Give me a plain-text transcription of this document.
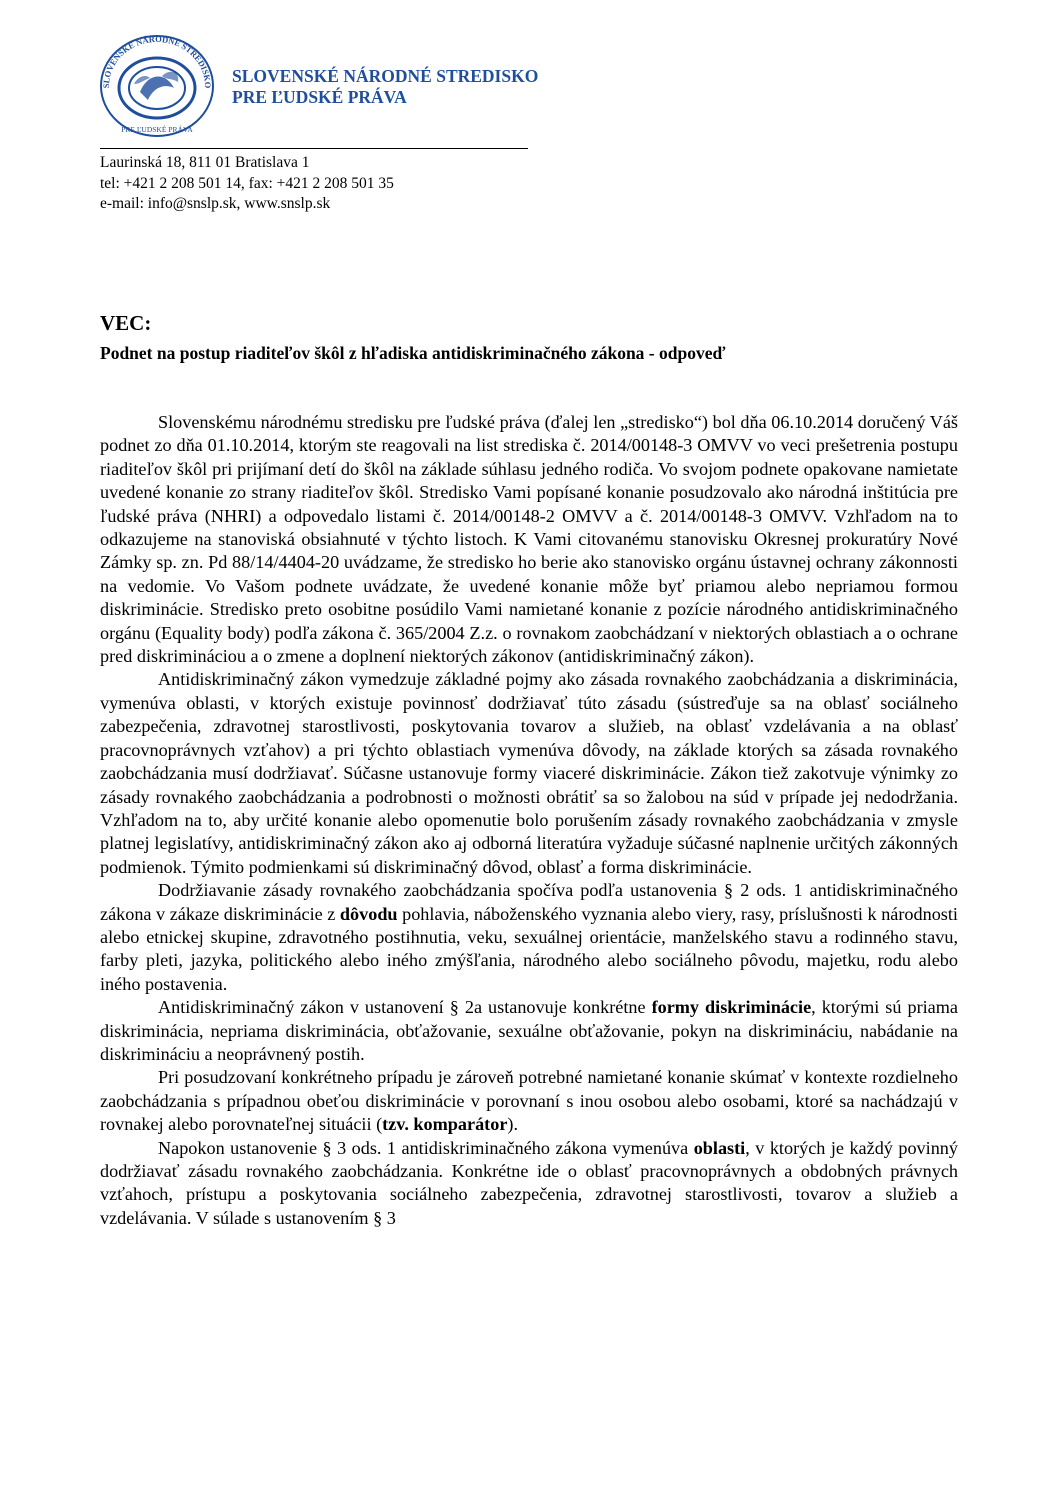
SLOVENSKÉ NÁRODNÉ STREDISKO
PRE ĽUDSKÉ PRÁVA
SLOVENSKÉ NÁRODNÉ STREDISKO
PRE ĽUDSKÉ PRÁVA
Laurinská 18, 811 01 Bratislava 1
tel: +421 2 208 501 14, fax: +421 2 208 501 35
e-mail: info@snslp.sk, www.snslp.sk
VEC:
Podnet na postup riaditeľov škôl z hľadiska antidiskriminačného zákona - odpoveď

Slovenskému národnému stredisku pre ľudské práva (ďalej len „stredisko“) bol dňa 06.10.2014 doručený Váš podnet zo dňa 01.10.2014, ktorým ste reagovali na list strediska č. 2014/00148-3 OMVV vo veci prešetrenia postupu riaditeľov škôl pri prijímaní detí do škôl na základe súhlasu jedného rodiča. Vo svojom podnete opakovane namietate uvedené konanie zo strany riaditeľov škôl. Stredisko Vami popísané konanie posudzovalo ako národná inštitúcia pre ľudské práva (NHRI) a odpovedalo listami č. 2014/00148-2 OMVV a č. 2014/00148-3 OMVV. Vzhľadom na to odkazujeme na stanoviská obsiahnuté v týchto listoch. K Vami citovanému stanovisku Okresnej prokuratúry Nové Zámky sp. zn. Pd 88/14/4404-20 uvádzame, že stredisko ho berie ako stanovisko orgánu ústavnej ochrany zákonnosti na vedomie. Vo Vašom podnete uvádzate, že uvedené konanie môže byť priamou alebo nepriamou formou diskriminácie. Stredisko preto osobitne posúdilo Vami namietané konanie z pozície národného antidiskriminačného orgánu (Equality body) podľa zákona č. 365/2004 Z.z. o rovnakom zaobchádzaní v niektorých oblastiach a o ochrane pred diskrimináciou a o zmene a doplnení niektorých zákonov (antidiskriminačný zákon).

Antidiskriminačný zákon vymedzuje základné pojmy ako zásada rovnakého zaobchádzania a diskriminácia, vymenúva oblasti, v ktorých existuje povinnosť dodržiavať túto zásadu (sústreďuje sa na oblasť sociálneho zabezpečenia, zdravotnej starostlivosti, poskytovania tovarov a služieb, na oblasť vzdelávania a na oblasť pracovnoprávnych vzťahov) a pri týchto oblastiach vymenúva dôvody, na základe ktorých sa zásada rovnakého zaobchádzania musí dodržiavať. Súčasne ustanovuje formy viaceré diskriminácie. Zákon tiež zakotvuje výnimky zo zásady rovnakého zaobchádzania a podrobnosti o možnosti obrátiť sa so žalobou na súd v prípade jej nedodržania. Vzhľadom na to, aby určité konanie alebo opomenutie bolo porušením zásady rovnakého zaobchádzania v zmysle platnej legislatívy, antidiskriminačný zákon ako aj odborná literatúra vyžaduje súčasné naplnenie určitých zákonných podmienok. Týmito podmienkami sú diskriminačný dôvod, oblasť a forma diskriminácie.

Dodržiavanie zásady rovnakého zaobchádzania spočíva podľa ustanovenia § 2 ods. 1 antidiskriminačného zákona v zákaze diskriminácie z dôvodu pohlavia, náboženského vyznania alebo viery, rasy, príslušnosti k národnosti alebo etnickej skupine, zdravotného postihnutia, veku, sexuálnej orientácie, manželského stavu a rodinného stavu, farby pleti, jazyka, politického alebo iného zmýšľania, národného alebo sociálneho pôvodu, majetku, rodu alebo iného postavenia.

Antidiskriminačný zákon v ustanovení § 2a ustanovuje konkrétne formy diskriminácie, ktorými sú priama diskriminácia, nepriama diskriminácia, obťažovanie, sexuálne obťažovanie, pokyn na diskrimináciu, nabádanie na diskrimináciu a neoprávnený postih.

Pri posudzovaní konkrétneho prípadu je zároveň potrebné namietané konanie skúmať v kontexte rozdielneho zaobchádzania s prípadnou obeťou diskriminácie v porovnaní s inou osobou alebo osobami, ktoré sa nachádzajú v rovnakej alebo porovnateľnej situácii (tzv. komparátor).

Napokon ustanovenie § 3 ods. 1 antidiskriminačného zákona vymenúva oblasti, v ktorých je každý povinný dodržiavať zásadu rovnakého zaobchádzania. Konkrétne ide o oblasť pracovnoprávnych a obdobných právnych vzťahoch, prístupu a poskytovania sociálneho zabezpečenia, zdravotnej starostlivosti, tovarov a služieb a vzdelávania. V súlade s ustanovením § 3
